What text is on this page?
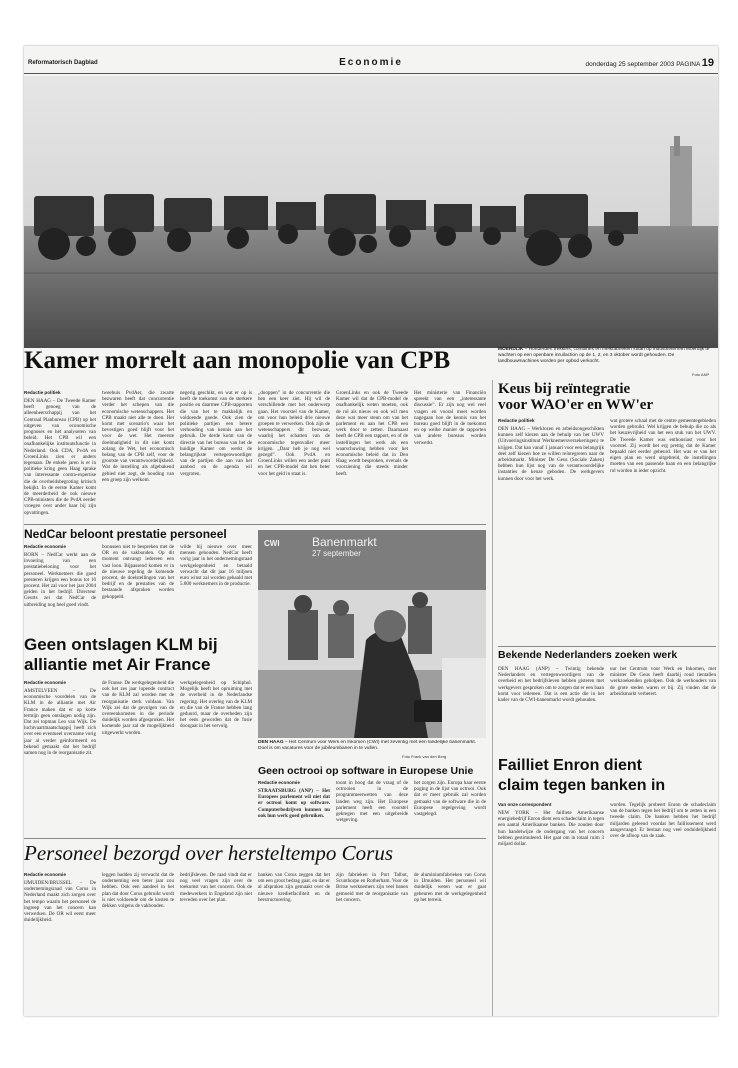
Reformatorisch Dagblad	Economie	donderdag 25 september 2003 PAGINA 19
Kamer morrelt aan monopolie van CPB	MOERDIJK – Honderden trekkers, combines en melkfabrieken staan op industrieterrein Moerdijk te wachten op een openbare inruilaction op de 1, 2, en 3 oktober wordt gehouden. De landbouwmachines worden per opbod verkocht.
Foto ANP
Redactie politiek
DEN HAAG – De Tweede Kamer heeft genoeg van de alleenheerschappij van het Centraal Planbureau (CPB) op het uitgeven van economische prognoses en het analyseren van beleid. Het CPB wil een onafhankelijke instituutsfunctie in Nederland. Ook CDA, PvdA en GroenLinks zien er anders tegenaan. De enkele jaren is er in politieke kring geen Haag sprake van interessante contra-expertise die de overheidsbegroting kritisch bekijkt. In de eerste Kamer komt de meerderheid de ook nieuwe CPB-ministers die de PvdA eerder vroegen over ander haar bij zijn opvattingen.
tweehuis PvdAer, die zwarte bezwaren heeft dat concurrentie verder het schepen van die economische wetenschappers. Het CPB maakt niet alle te doen. Het komt met scenario's waar het bevestigen goed blijft voor het voor de wet. Het meerste doelmatigheid in dit niet komt zolang de Wet, het economisch belang van de CPB zelf, voor de grootste van verantwoordelijkheid. Wat de instelling als afgebakend gebied niet zegt, de houding van een groep zijn welkom.
negerig geschikt, en wat er op is heeft de toekomst van de sterkere positie en daarmee CPB-rapporten die van het te makkelijk en voldoende goede. Ook zien de politieke partijen een betere verhouding van kennis aan het gebruik. De derde komt van de directie van het bureau van het de huidige Kamer om werkt de belangrijkste vertegenwoordiger van de partijen die aan van het aanbod en de agenda wil vergroten.
„dooppen” in de concurrentie die hen een keer ziet. Hij wil de verschillende met het onderwerp gaan. Het voorstel van de Kamer, om voor hun beleid drie nieuwe groepen te verwerken. Ook zijn de wetenschappers dit bezwaar, waarbij het schatten van de economische tegenvaller meer krijgen. „Daar heb je nog wel gezegd”. Ook PvdA en GroenLinks willen een ander punt en het CPB-model dat hen beter voor het geld in staat is.
GroenLinks en ook de Tweede Kamer wil dat de CPB-model de onafhankelijk weten moeten, ook de rol als nieuw en ook wil men deze wat meer steun om van het parlement en aan het CPB een werk door te zetten. Daarnaast heeft de CPB een rapport, en of de instellingen het werk als een waarschuwing hebben voor het economische beleid dat in Den Haag wordt besproken, evenals de voorziening die steeds minder heeft.
Het ministerie van Financiën spreekt van een „interessante discussie”. Er zijn nog wel veel vragen en vooral moet worden nagegaan hoe de kennis van het bureau goed blijft in de toekomst en op welke manier de rapporten van andere bureaus worden verwerkt.
Keus bij reïntegratie
voor WAO'er en WW'er
Redactie politiek
DEN HAAG – Werklozen en arbeidsongeschikten kunnen zelf kiezen aan de behulp van het UWV (Uitvoeringsinstituut Werknemersverzekeringen) te krijgen. Dat kan vanaf 1 januari voor een belangrijk deel zelf kiezen hoe ze willen reïntegreren naar de arbeidsmarkt. Minister De Geus (Sociale Zaken) hebben hun lijst nog van de verantwoordelijke instanties de keuze geboden. De werkgevers kunnen door voor het werk.
wat grotere schaal met de centre gemeentegebieden worden gebruikt. Wel krijgen de behulp die zo als het keuzevrijheid van het een stuk van het UWV. De Tweede Kamer was enthousiast voor het voorstel. Zij wordt het erg prettig dat de Kamer bepaald niet eerder gebeurd. Het was er van het eigen plan en werd uitgebreid, de instellingen moeten van een passende baan en een belangrijke rol worden in ieder opzicht.
NedCar beloont prestatie personeel
Redactie economie
BORN – NedCar werkt aan de invoering van een prestatiebeloning voor het personeel. Werknemers die goed presteren krijgen een bonus tot 10 procent. Het zal voor het jaar 2004 gelden in het bedrijf. Directeur Geurts zei dat NedCar de uitbreiding nog heel goed vindt.
bonussen niet te bespreken met de OR en de vakbonden. Op dit moment ontvangt iedereen een vast loon. Bijpassend komen er in de nieuwe regeling de komende procent, de doelstellingen van het bedrijf en de prestaties van de bestaande afspraken worden gekoppeld.
wilde bij nieuwe over meer mensen gehouden. NedCar heeft vorig jaar in het ondernemingsraad werkgelegenheid en betaald verwacht dat dit jaar 16 miljoen euro winst zal worden gehaald met 5.800 werknemers in de productie.
Banenmarkt
27 september
CWI
DEN HAAG – Het Centrum voor Werk en Inkomen (CWI) met zeventig met een landelijke banenmarkt. Doel is om vacatures voor de jubileumbanen in te vullen.
Foto Frank van den Berg
Geen ontslagen KLM bij
alliantie met Air France
Redactie economie
AMSTELVEEN – De economische voordelen van de KLM in de alliantie met Air France maken dat er op korte termijn geen ontslagen nodig zijn. Dat zei topman Leo van Wijk. De luchtvaartmaatschappij heeft zich over een eventueel overname vorig jaar al verder geïnformeerd en bekend gemaakt dat het bedrijf samen nog in de reorganisatie zit.
de Franse. De werkgelegenheid die ook het zes jaar lopende contract van de KLM zal worden met de reorganisatie sterk voldaan. Van Wijk zei dat de gevolgen van de overeenkomsten in die periode duidelijk worden afgesproken. Het komende jaar zal de mogelijkheid uitgewerkt worden.
werkgelegenheid op Schiphol. Mogelijk heeft het opruiming met de overheid in de Nederlandse regering. Het overleg van de KLM en die van de Franse hebben lang geduurd, maar de overheden zijn het eens geworden dat de fusie doorgaat in het vervolg.
Geen octrooi op software in Europese Unie
Redactie economie
STRAATSBURG (ANP) – Het Europees parlement wil niet dat er octrooi komt op software. Computerbedrijven kunnen nu ook hun werk goed gebruiken.
toont in hoog dat de vraag of de octrooien in de programmeerwetten van deze landen weg zijn. Het Europese parlement heeft een voorstel gekregen met een uitgebreide wetgeving.
het zorgen zijn. Europa haar eerste poging in de lijst van octrooi. Ook dat er meer gebruik zal worden gemaakt van de software die in de Europese regelgeving wordt vastgelegd.
Bekende Nederlanders zoeken werk
DEN HAAG (ANP) – Twintig bekende Nederlanders en vertegenwoordigers van de overheid en het bedrijfsleven hebben gisteren met werkgevers gesproken om te zorgen dat er een baan komt voor iedereen. Dat is een actie die in het kader van de CWI-banenmarkt wordt gehouden.
uur het Centrum voor Werk en Inkomen, met minister De Geus heeft daarbij rond tientallen werkzoekenden geholpen. Ook de wethouders van de grote steden waren er bij. Zij vinden dat de arbeidsmarkt verbetert.
Failliet Enron dient
claim tegen banken in
Van onze correspondent
NEW YORK – Het failliete Amerikaanse energiebedrijf Enron dient een schadeclaim in tegen een aantal Amerikaanse banken. Die zouden door hun handelwijze de ondergang van het concern hebben gestimuleerd. Het gaat om in totaal ruim 3 miljard dollar.
worden. Tegelijk probeert Enron de schadeclaim van de banken tegen het bedrijf om te zetten in een tweede claim. De banken hebben het bedrijf miljarden geleend voordat het faillissement werd aangevraagd. Er bestaat nog veel onduidelijkheid over de afloop van de zaak.
Personeel bezorgd over hersteltempo Corus
Redactie economie
IJMUIDEN/BRUSSEL – De ondernemingsraad van Corus in Nederland maakt zich zorgen over het tempo waarin het personeel de ingreep van het concern kan verwerken. De OR wil eerst meer duidelijkheid.
leggen hadden zij verwacht dat de onderneming een beter jaar zou hebben. Ook een aandeel in het plan dat door Corus gebruikt wordt is niet voldoende om de kosten te dekken volgens de vakbonden.
bedrijfsleven. De raad vindt dat er nog veel vragen zijn over de toekomst van het concern. Ook de medewerkers in Engeland zijn niet tevreden over het plan.
banken van Corus zeggen dat het om een groot bedrag gaat, en dat er al afspraken zijn gemaakt over de nieuwe kredietfaciliteit en de herstructurering.
zijn fabrieken in Port Talbot, Scunthorpe en Rotherham. Voor de Britse werknemers zijn veel banen gemoeid met de reorganisatie van het concern.
de aluminiumfabrieken van Corus in IJmuiden. Het personeel wil duidelijk weten wat er gaat gebeuren met de werkgelegenheid op het terrein.
